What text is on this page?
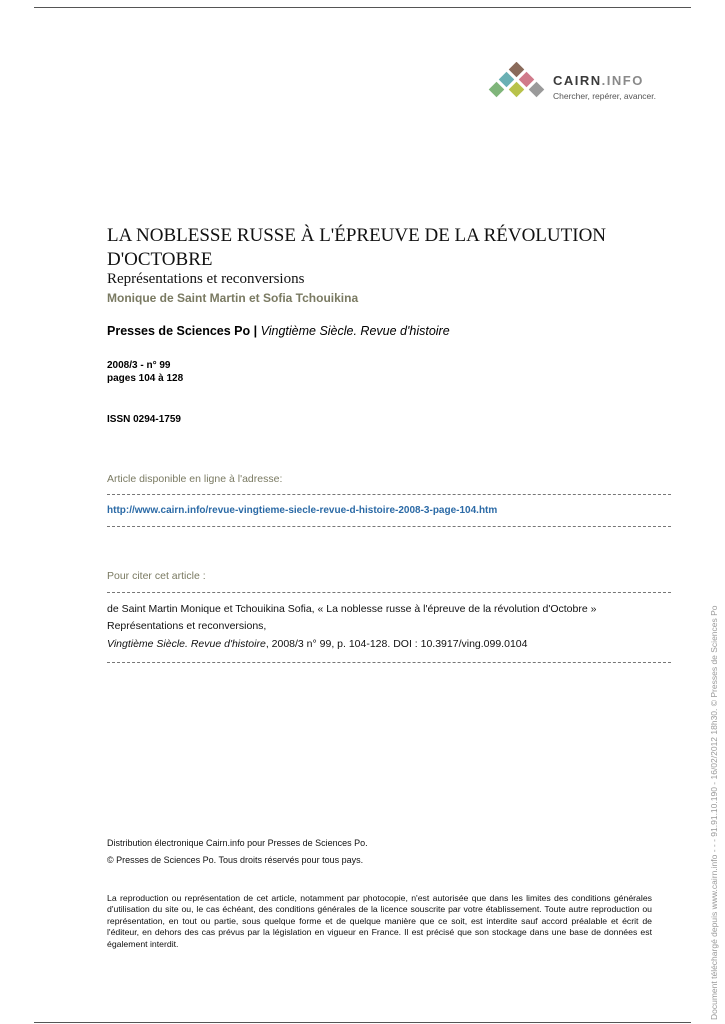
CAIRN.INFO
Chercher, repérer, avancer.
LA NOBLESSE RUSSE À L'ÉPREUVE DE LA RÉVOLUTION D'OCTOBRE
Représentations et reconversions
Monique de Saint Martin et Sofia Tchouikina
Presses de Sciences Po | Vingtième Siècle. Revue d'histoire
2008/3 - n° 99
pages 104 à 128
ISSN 0294-1759
Article disponible en ligne à l'adresse:
http://www.cairn.info/revue-vingtieme-siecle-revue-d-histoire-2008-3-page-104.htm
Pour citer cet article :
de Saint Martin Monique et Tchouikina Sofia, « La noblesse russe à l'épreuve de la révolution d'Octobre »
Représentations et reconversions,
Vingtième Siècle. Revue d'histoire, 2008/3 n° 99, p. 104-128. DOI : 10.3917/ving.099.0104
Distribution électronique Cairn.info pour Presses de Sciences Po.
© Presses de Sciences Po. Tous droits réservés pour tous pays.
La reproduction ou représentation de cet article, notamment par photocopie, n'est autorisée que dans les limites des conditions générales d'utilisation du site ou, le cas échéant, des conditions générales de la licence souscrite par votre établissement. Toute autre reproduction ou représentation, en tout ou partie, sous quelque forme et de quelque manière que ce soit, est interdite sauf accord préalable et écrit de l'éditeur, en dehors des cas prévus par la législation en vigueur en France. Il est précisé que son stockage dans une base de données est également interdit.	Document téléchargé depuis www.cairn.info - - - 91.91.10.190 - 16/02/2012 18h30. © Presses de Sciences Po
